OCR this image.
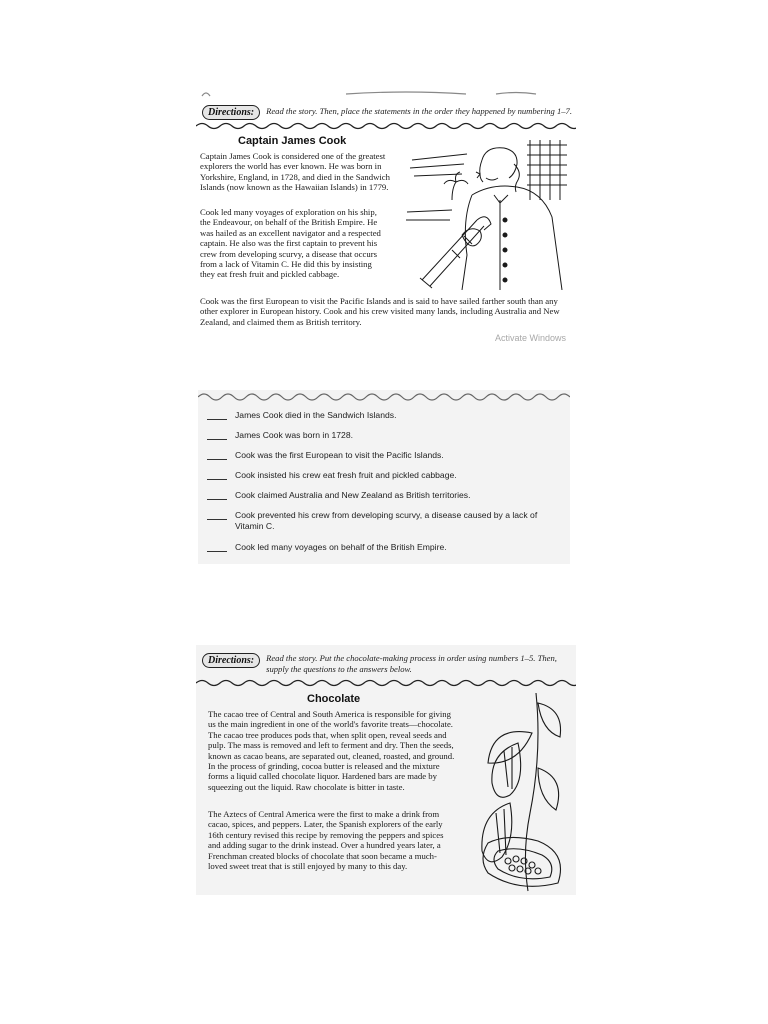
Directions:	Read the story. Then, place the statements in the order they happened by numbering 1–7.
Captain James Cook

Captain James Cook is considered one of the greatest explorers the world has ever known. He was born in Yorkshire, England, in 1728, and died in the Sandwich Islands (now known as the Hawaiian Islands) in 1779.

Cook led many voyages of exploration on his ship, the Endeavour, on behalf of the British Empire. He was hailed as an excellent navigator and a respected captain. He also was the first captain to prevent his crew from developing scurvy, a disease that occurs from a lack of Vitamin C. He did this by insisting they eat fresh fruit and pickled cabbage.

Cook was the first European to visit the Pacific Islands and is said to have sailed farther south than any other explorer in European history. Cook and his crew visited many lands, including Australia and New Zealand, and claimed them as British territory.

Activate Windows
James Cook died in the Sandwich Islands.
James Cook was born in 1728.
Cook was the first European to visit the Pacific Islands.
Cook insisted his crew eat fresh fruit and pickled cabbage.
Cook claimed Australia and New Zealand as British territories.
Cook prevented his crew from developing scurvy, a disease caused by a lack of Vitamin C.
Cook led many voyages on behalf of the British Empire.
Directions:	Read the story. Put the chocolate-making process in order using numbers 1–5. Then, supply the questions to the answers below.
Chocolate

The cacao tree of Central and South America is responsible for giving us the main ingredient in one of the world's favorite treats—chocolate. The cacao tree produces pods that, when split open, reveal seeds and pulp. The mass is removed and left to ferment and dry. Then the seeds, known as cacao beans, are separated out, cleaned, roasted, and ground. In the process of grinding, cocoa butter is released and the mixture forms a liquid called chocolate liquor. Hardened bars are made by squeezing out the liquid. Raw chocolate is bitter in taste.

The Aztecs of Central America were the first to make a drink from cacao, spices, and peppers. Later, the Spanish explorers of the early 16th century revised this recipe by removing the peppers and spices and adding sugar to the drink instead. Over a hundred years later, a Frenchman created blocks of chocolate that soon became a much-loved sweet treat that is still enjoyed by many to this day.
